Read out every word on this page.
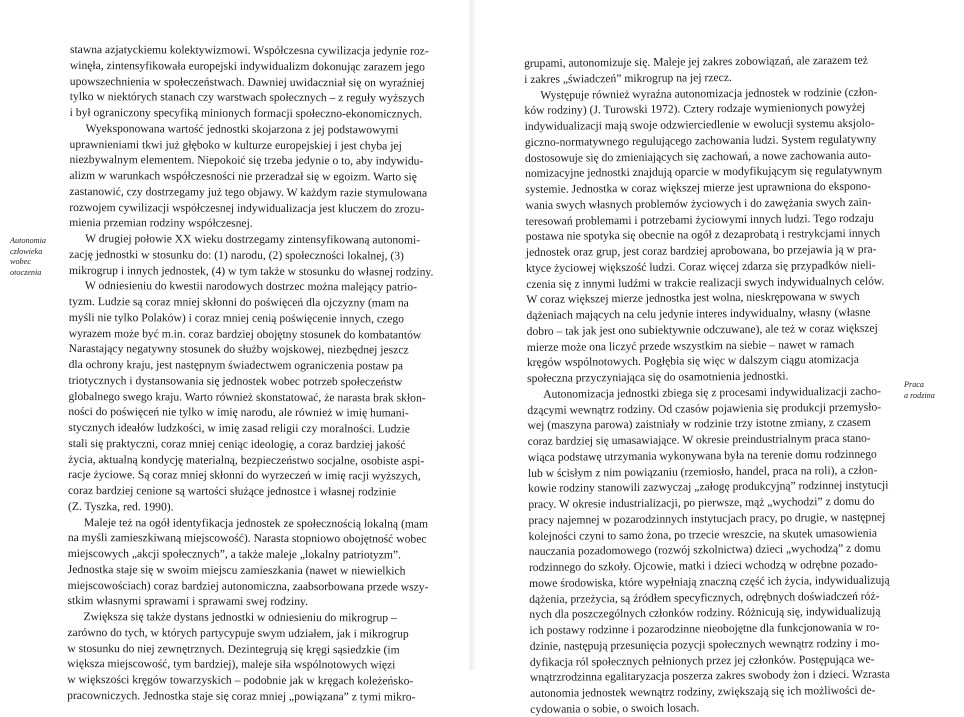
Autonomia
człowieka
wobec
otoczenia

stawna azjatyckiemu kolektywizmowi. Współczesna cywilizacja jedynie roz-
winęła, zintensyfikowała europejski indywidualizm dokonując zarazem jego
upowszechnienia w społeczeństwach. Dawniej uwidaczniał się on wyraźniej
tylko w niektórych stanach czy warstwach społecznych – z reguły wyższych
i był ograniczony specyfiką minionych formacji społeczno-ekonomicznych.

Wyeksponowana wartość jednostki skojarzona z jej podstawowymi
uprawnieniami tkwi już głęboko w kulturze europejskiej i jest chyba jej
niezbywalnym elementem. Niepokoić się trzeba jedynie o to, aby indywidu-
alizm w warunkach współczesności nie przeradzał się w egoizm. Warto się
zastanowić, czy dostrzegamy już tego objawy. W każdym razie stymulowana
rozwojem cywilizacji współczesnej indywidualizacja jest kluczem do zrozu-
mienia przemian rodziny współczesnej.

W drugiej połowie XX wieku dostrzegamy zintensyfikowaną autonomi-
zację jednostki w stosunku do: (1) narodu, (2) społeczności lokalnej, (3)
mikrogrup i innych jednostek, (4) w tym także w stosunku do własnej rodziny.

W odniesieniu do kwestii narodowych dostrzec można malejący patrio-
tyzm. Ludzie są coraz mniej skłonni do poświęceń dla ojczyzny (mam na
myśli nie tylko Polaków) i coraz mniej cenią poświęcenie innych, czego
wyrazem może być m.in. coraz bardziej obojętny stosunek do kombatantów
Narastający negatywny stosunek do służby wojskowej, niezbędnej jeszcz
dla ochrony kraju, jest następnym świadectwem ograniczenia postaw pa
triotycznych i dystansowania się jednostek wobec potrzeb społeczeństw
globalnego swego kraju. Warto również skonstatować, że narasta brak skłon-
ności do poświęceń nie tylko w imię narodu, ale również w imię humani-
stycznych ideałów ludzkości, w imię zasad religii czy moralności. Ludzie
stali się praktyczni, coraz mniej ceniąc ideologię, a coraz bardziej jakość
życia, aktualną kondycję materialną, bezpieczeństwo socjalne, osobiste aspi-
racje życiowe. Są coraz mniej skłonni do wyrzeczeń w imię racji wyższych,
coraz bardziej cenione są wartości służące jednostce i własnej rodzinie
(Z. Tyszka, red. 1990).

Maleje też na ogół identyfikacja jednostek ze społecznością lokalną (mam
na myśli zamieszkiwaną miejscowość). Narasta stopniowo obojętność wobec
miejscowych „akcji społecznych”, a także maleje „lokalny patriotyzm”.
Jednostka staje się w swoim miejscu zamieszkania (nawet w niewielkich
miejscowościach) coraz bardziej autonomiczna, zaabsorbowana przede wszy-
stkim własnymi sprawami i sprawami swej rodziny.

Zwiększa się także dystans jednostki w odniesieniu do mikrogrup –
zarówno do tych, w których partycypuje swym udziałem, jak i mikrogrup
w stosunku do niej zewnętrznych. Dezintegrują się kręgi sąsiedzkie (im
większa miejscowość, tym bardziej), maleje siła wspólnotowych więzi
w większości kręgów towarzyskich – podobnie jak w kręgach koleżeńsko-
pracowniczych. Jednostka staje się coraz mniej „powiązana” z tymi mikro-

grupami, autonomizuje się. Maleje jej zakres zobowiązań, ale zarazem też
i zakres „świadczeń” mikrogrup na jej rzecz.

Występuje również wyraźna autonomizacja jednostek w rodzinie (człon-
ków rodziny) (J. Turowski 1972). Cztery rodzaje wymienionych powyżej
indywidualizacji mają swoje odzwierciedlenie w ewolucji systemu aksjolo-
giczno-normatywnego regulującego zachowania ludzi. System regulatywny
dostosowuje się do zmieniających się zachowań, a nowe zachowania auto-
nomizacyjne jednostki znajdują oparcie w modyfikującym się regulatywnym
systemie. Jednostka w coraz większej mierze jest uprawniona do ekspono-
wania swych własnych problemów życiowych i do zawężania swych zain-
teresowań problemami i potrzebami życiowymi innych ludzi. Tego rodzaju
postawa nie spotyka się obecnie na ogół z dezaprobatą i restrykcjami innych
jednostek oraz grup, jest coraz bardziej aprobowana, bo przejawia ją w pra-
ktyce życiowej większość ludzi. Coraz więcej zdarza się przypadków nieli-
czenia się z innymi ludźmi w trakcie realizacji swych indywidualnych celów.
W coraz większej mierze jednostka jest wolna, nieskrępowana w swych
dążeniach mających na celu jedynie interes indywidualny, własny (własne
dobro – tak jak jest ono subiektywnie odczuwane), ale też w coraz większej
mierze może ona liczyć przede wszystkim na siebie – nawet w ramach
kręgów wspólnotowych. Pogłębia się więc w dalszym ciągu atomizacja
społeczna przyczyniająca się do osamotnienia jednostki.

Autonomizacja jednostki zbiega się z procesami indywidualizacji zacho-
dzącymi wewnątrz rodziny. Od czasów pojawienia się produkcji przemysło-
wej (maszyna parowa) zaistniały w rodzinie trzy istotne zmiany, z czasem
coraz bardziej się umasawiające. W okresie preindustrialnym praca stano-
wiąca podstawę utrzymania wykonywana była na terenie domu rodzinnego
lub w ścisłym z nim powiązaniu (rzemiosło, handel, praca na roli), a człon-
kowie rodziny stanowili zazwyczaj „załogę produkcyjną” rodzinnej instytucji
pracy. W okresie industrializacji, po pierwsze, mąż „wychodzi” z domu do
pracy najemnej w pozarodzinnych instytucjach pracy, po drugie, w następnej
kolejności czyni to samo żona, po trzecie wreszcie, na skutek umasowienia
nauczania pozadomowego (rozwój szkolnictwa) dzieci „wychodzą” z domu
rodzinnego do szkoły. Ojcowie, matki i dzieci wchodzą w odrębne pozado-
mowe środowiska, które wypełniają znaczną część ich życia, indywidualizują
dążenia, przeżycia, są źródłem specyficznych, odrębnych doświadczeń róż-
nych dla poszczególnych członków rodziny. Różnicują się, indywidualizują
ich postawy rodzinne i pozarodzinne nieobojętne dla funkcjonowania w ro-
dzinie, następują przesunięcia pozycji społecznych wewnątrz rodziny i mo-
dyfikacja ról społecznych pełnionych przez jej członków. Postępująca we-
wnątrzrodzinna egalitaryzacja poszerza zakres swobody żon i dzieci. Wzrasta
autonomia jednostek wewnątrz rodziny, zwiększają się ich możliwości de-
cydowania o sobie, o swoich losach.

Praca
a rodzina
